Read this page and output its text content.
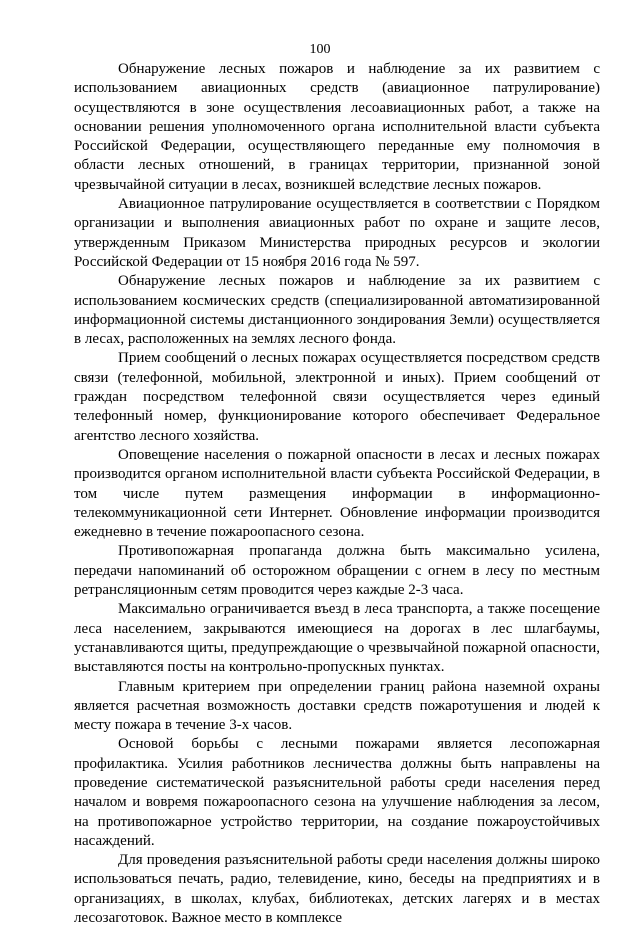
100

Обнаружение лесных пожаров и наблюдение за их развитием с использованием авиационных средств (авиационное патрулирование) осуществляются в зоне осуществления лесоавиационных работ, а также на основании решения уполномоченного органа исполнительной власти субъекта Российской Федерации, осуществляющего переданные ему полномочия в области лесных отношений, в границах территории, признанной зоной чрезвычайной ситуации в лесах, возникшей вследствие лесных пожаров.

Авиационное патрулирование осуществляется в соответствии с Порядком организации и выполнения авиационных работ по охране и защите лесов, утвержденным Приказом Министерства природных ресурсов и экологии Российской Федерации от 15 ноября 2016 года № 597.

Обнаружение лесных пожаров и наблюдение за их развитием с использованием космических средств (специализированной автоматизированной информационной системы дистанционного зондирования Земли) осуществляется в лесах, расположенных на землях лесного фонда.

Прием сообщений о лесных пожарах осуществляется посредством средств связи (телефонной, мобильной, электронной и иных). Прием сообщений от граждан посредством телефонной связи осуществляется через единый телефонный номер, функционирование которого обеспечивает Федеральное агентство лесного хозяйства.

Оповещение населения о пожарной опасности в лесах и лесных пожарах производится органом исполнительной власти субъекта Российской Федерации, в том числе путем размещения информации в информационно-телекоммуникационной сети Интернет. Обновление информации производится ежедневно в течение пожароопасного сезона.

Противопожарная пропаганда должна быть максимально усилена, передачи напоминаний об осторожном обращении с огнем в лесу по местным ретрансляционным сетям проводится через каждые 2-3 часа.

Максимально ограничивается въезд в леса транспорта, а также посещение леса населением, закрываются имеющиеся на дорогах в лес шлагбаумы, устанавливаются щиты, предупреждающие о чрезвычайной пожарной опасности, выставляются посты на контрольно-пропускных пунктах.

Главным критерием при определении границ района наземной охраны является расчетная возможность доставки средств пожаротушения и людей к месту пожара в течение 3-х часов.

Основой борьбы с лесными пожарами является лесопожарная профилактика. Усилия работников лесничества должны быть направлены на проведение систематической разъяснительной работы среди населения перед началом и вовремя пожароопасного сезона на улучшение наблюдения за лесом, на противопожарное устройство территории, на создание пожароустойчивых насаждений.

Для проведения разъяснительной работы среди населения должны широко использоваться печать, радио, телевидение, кино, беседы на предприятиях и в организациях, в школах, клубах, библиотеках, детских лагерях и в местах лесозаготовок. Важное место в комплексе
